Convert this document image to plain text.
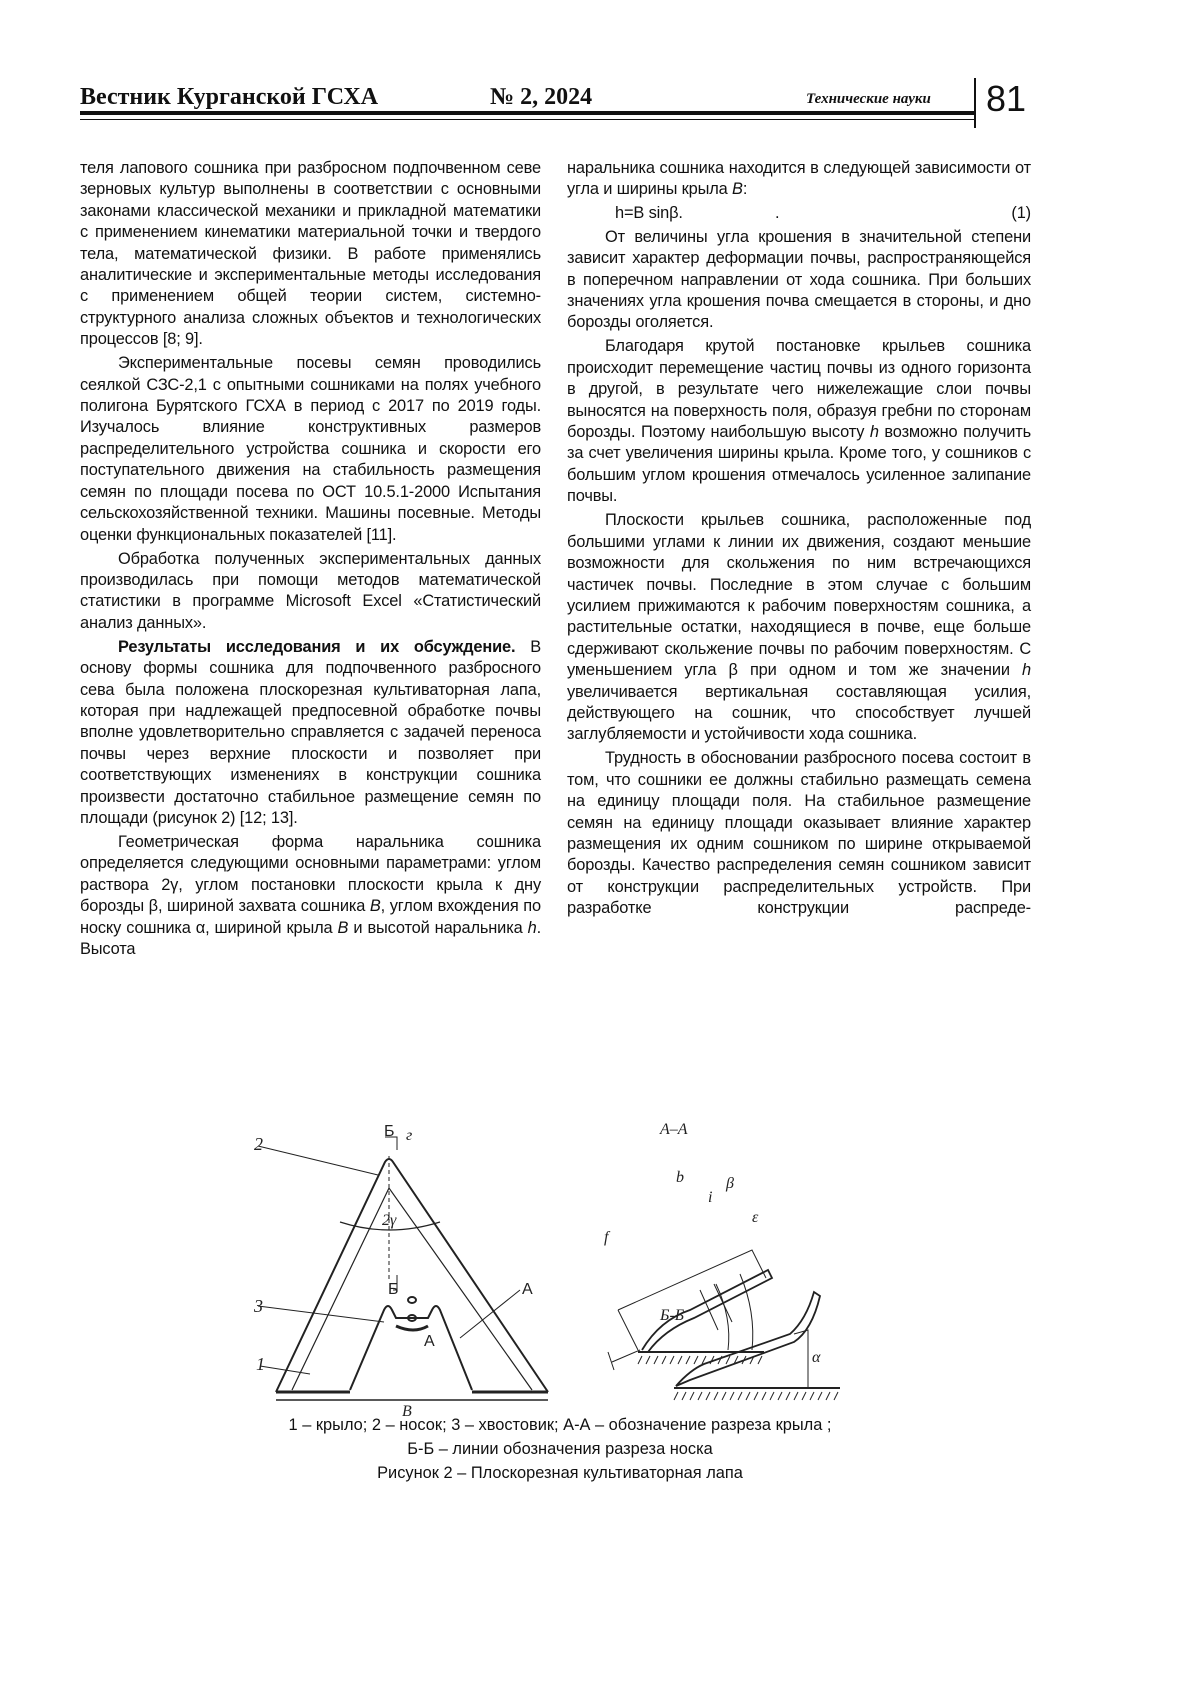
Вестник Курганской ГСХА	№ 2, 2024	Технические науки 81

теля лапового сошника при разбросном подпочвенном севе зерновых культур выполнены в соответствии с основными законами классической механики и прикладной математики с применением кинематики материальной точки и твердого тела, математической физики. В работе применялись аналитические и экспериментальные методы исследования с применением общей теории систем, системно-структурного анализа сложных объектов и технологических процессов [8; 9].

Экспериментальные посевы семян проводились сеялкой СЗС-2,1 с опытными сошниками на полях учебного полигона Бурятского ГСХА в период с 2017 по 2019 годы. Изучалось влияние конструктивных размеров распределительного устройства сошника и скорости его поступательного движения на стабильность размещения семян по площади посева по ОСТ 10.5.1-2000 Испытания сельскохозяйственной техники. Машины посевные. Методы оценки функциональных показателей [11].

Обработка полученных экспериментальных данных производилась при помощи методов математической статистики в программе Microsoft Excel «Статистический анализ данных».

Результаты исследования и их обсуждение. В основу формы сошника для подпочвенного разбросного сева была положена плоскорезная культиваторная лапа, которая при надлежащей предпосевной обработке почвы вполне удовлетворительно справляется с задачей переноса почвы через верхние плоскости и позволяет при соответствующих изменениях в конструкции сошника произвести достаточно стабильное размещение семян по площади (рисунок 2) [12; 13].

Геометрическая форма наральника сошника определяется следующими основными параметрами: углом раствора 2γ, углом постановки плоскости крыла к дну борозды β, шириной захвата сошника B, углом вхождения по носку сошника α, шириной крыла B и высотой наральника h. Высота

наральника сошника находится в следующей зависимости от угла и ширины крыла B:

h=B sinβ.	.	(1)

От величины угла крошения в значительной степени зависит характер деформации почвы, распространяющейся в поперечном направлении от хода сошника. При больших значениях угла крошения почва смещается в стороны, и дно борозды оголяется.

Благодаря крутой постановке крыльев сошника происходит перемещение частиц почвы из одного горизонта в другой, в результате чего нижележащие слои почвы выносятся на поверхность поля, образуя гребни по сторонам борозды. Поэтому наибольшую высоту h возможно получить за счет увеличения ширины крыла. Кроме того, у сошников с большим углом крошения отмечалось усиленное залипание почвы.

Плоскости крыльев сошника, расположенные под большими углами к линии их движения, создают меньшие возможности для скольжения по ним встречающихся частичек почвы. Последние в этом случае с большим усилием прижимаются к рабочим поверхностям сошника, а растительные остатки, находящиеся в почве, еще больше сдерживают скольжение почвы по рабочим поверхностям. С уменьшением угла β при одном и том же значении h увеличивается вертикальная составляющая усилия, действующего на сошник, что способствует лучшей заглубляемости и устойчивости хода сошника.

Трудность в обосновании разбросного посева состоит в том, что сошники ее должны стабильно размещать семена на единицу площади поля. На стабильное размещение семян на единицу площади оказывает влияние характер размещения их одним сошником по ширине открываемой борозды. Качество распределения семян сошником зависит от конструкции распределительных устройств. При разработке конструкции распреде-

2
3
1
Б г
2γ
Б	А
А
B
А–А
b	β
i
ε
f
Б-Б
α
1 – крыло; 2 – носок; 3 – хвостовик; А-А – обозначение разреза крыла ;
Б-Б – линии обозначения разреза носка
Рисунок 2 – Плоскорезная культиваторная лапа
